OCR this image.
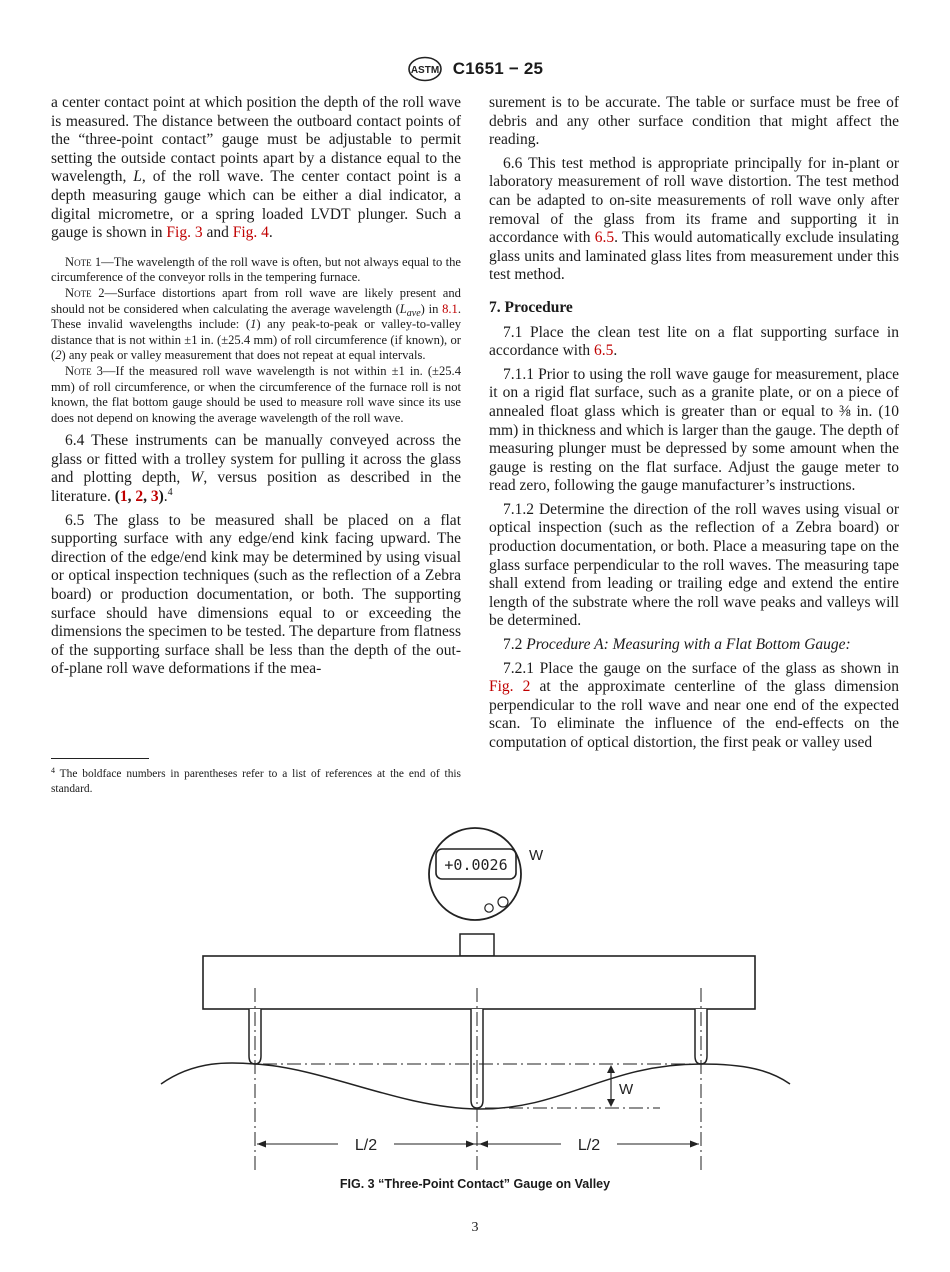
ASTM C1651 − 25

a center contact point at which position the depth of the roll wave is measured. The distance between the outboard contact points of the “three-point contact” gauge must be adjustable to permit setting the outside contact points apart by a distance equal to the wavelength, L, of the roll wave. The center contact point is a depth measuring gauge which can be either a dial indicator, a digital micrometre, or a spring loaded LVDT plunger. Such a gauge is shown in Fig. 3 and Fig. 4.

Note 1—The wavelength of the roll wave is often, but not always equal to the circumference of the conveyor rolls in the tempering furnace.

Note 2—Surface distortions apart from roll wave are likely present and should not be considered when calculating the average wavelength $(L_{ave})$ in 8.1. These invalid wavelengths include: (1) any peak-to-peak or valley-to-valley distance that is not within ±1 in. (±25.4 mm) of roll circumference (if known), or (2) any peak or valley measurement that does not repeat at equal intervals.

Note 3—If the measured roll wave wavelength is not within ±1 in. (±25.4 mm) of roll circumference, or when the circumference of the furnace roll is not known, the flat bottom gauge should be used to measure roll wave since its use does not depend on knowing the average wavelength of the roll wave.

6.4 These instruments can be manually conveyed across the glass or fitted with a trolley system for pulling it across the glass and plotting depth, W, versus position as described in the literature. (1, 2, 3).$^4$

6.5 The glass to be measured shall be placed on a flat supporting surface with any edge/end kink facing upward. The direction of the edge/end kink may be determined by using visual or optical inspection techniques (such as the reflection of a Zebra board) or production documentation, or both. The supporting surface should have dimensions equal to or exceeding the dimensions the specimen to be tested. The departure from flatness of the supporting surface shall be less than the depth of the out-of-plane roll wave deformations if the mea-

surement is to be accurate. The table or surface must be free of debris and any other surface condition that might affect the reading.

6.6 This test method is appropriate principally for in-plant or laboratory measurement of roll wave distortion. The test method can be adapted to on-site measurements of roll wave only after removal of the glass from its frame and supporting it in accordance with 6.5. This would automatically exclude insulating glass units and laminated glass lites from measurement under this test method.

7. Procedure

7.1 Place the clean test lite on a flat supporting surface in accordance with 6.5.

7.1.1 Prior to using the roll wave gauge for measurement, place it on a rigid flat surface, such as a granite plate, or on a piece of annealed float glass which is greater than or equal to ⅜ in. (10 mm) in thickness and which is larger than the gauge. The depth of measuring plunger must be depressed by some amount when the gauge is resting on the flat surface. Adjust the gauge meter to read zero, following the gauge manufacturer’s instructions.

7.1.2 Determine the direction of the roll waves using visual or optical inspection (such as the reflection of a Zebra board) or production documentation, or both. Place a measuring tape on the glass surface perpendicular to the roll waves. The measuring tape shall extend from leading or trailing edge and extend the entire length of the substrate where the roll wave peaks and valleys will be determined.

7.2 Procedure A: Measuring with a Flat Bottom Gauge:

7.2.1 Place the gauge on the surface of the glass as shown in Fig. 2 at the approximate centerline of the glass dimension perpendicular to the roll wave and near one end of the expected scan. To eliminate the influence of the end-effects on the computation of optical distortion, the first peak or valley used

$^4$ The boldface numbers in parentheses refer to a list of references at the end of this standard.
+0.0026
W
W
L/2	L/2
FIG. 3 “Three-Point Contact” Gauge on Valley
3
